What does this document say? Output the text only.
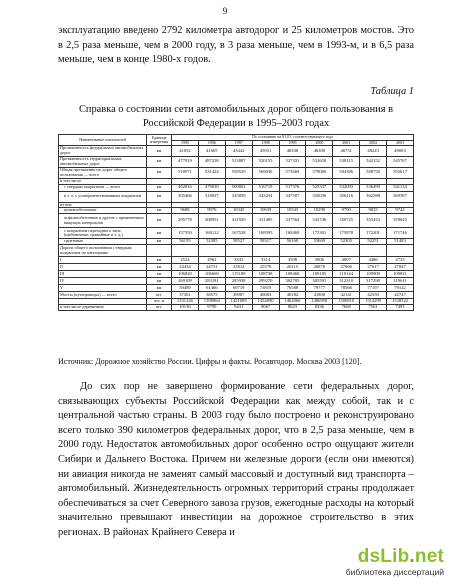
9

эксплуатацию введено 2792 километра автодорог и 25 километров мостов. Это в 2,5 раза меньше, чем в 2000 году, в 3 раза меньше, чем в 1993-м, и в 6,5 раза меньше, чем в конце 1980-х годов.

Таблица 1
Справка о состоянии сети автомобильных дорог общего пользования в Российской Федерации в 1995–2003 годах
Наименование показателей	Единица измерения	По состоянию на 01.01. соответствующего года								
		1995	1996	1997	1998	1999	2000	2001	2002	2003
Протяженность федеральных автомобильных дорог	км	41052	41605	45442	45931	46338	46300	46751	48223	49003
Протяженность территориальных автомобильных дорог	км	477919	487258	513087	520155	527331	532650	538115	542152	545767
Общая протяженность дорог общего пользования — всего	км	518971	531424	558529	569036	573669	579006	584396	588750	592617
в том числе										
с твердым покрытием — всего	км	462816	479039	500002	510719	517376	525337	532093	536499	541134
в т. ч. с усовершенствованным покрытием	км	305466	318927	325858	343234	347507	350036	356116	362588	369387
из них										
цементобетонные	км	9688	9976	10345	10639	10343	10290	9790	9835	9742
асфальтобетонные и другие с применением вяжущих материалов	км	295778	308951	321929	331485	337564	343746	350725	355453	359645
с покрытием переходного типа (щебеночные, гравийные и т. д.)	км	157350	160112	167528	168595	169469	175301	175878	172201	171746
грунтовые	км	56155	52385	58527	58317	56160	53669	52303	52251	51483
Дороги общего пользования с твердым покрытием по категориям:										
I	км	2524	2962	3343	3314	3508	3906	4007	4486	4733
II	км	24434	24731	25814	25578	26115	26878	27066	27617	27847
III	км	106820	106669	115188	108738	108460	109185	110144	109909	109821
IV	км	269109	283181	285938	299270	302705	305591	312310	317290	319611
V	км	59489	61466	69719	73819	76588	79777	78566	77197	79122
Мосты (путепроводы) — всего	шт.	37301	38575	39987	40603	40182	41800	42141	42350	42747
	пог. м	1331226	1398864	1421085	1454090	1462066	1496958	1500810	1514299	1538522
в том числе деревянные	шт.	10136	9799	9431	9067	8623	8336	7668	7561	7493
Источник: Дорожное хозяйство России. Цифры и факты. Росавтодор. Москва 2003 [120].

До сих пор не завершено формирование сети федеральных дорог, связывающих субъекты Российской Федерации как между собой, так и с центральной частью страны. В 2003 году было построено и реконструировано всего только 390 километров федеральных дорог, что в 2,5 раза меньше, чем в 2000 году. Недостаток автомобильных дорог особенно остро ощущают жители Сибири и Дальнего Востока. Причем ни железные дороги (если они имеются) ни авиация никогда не заменят самый массовый и доступный вид транспорта – автомобильный. Жизнедеятельность огромных территорий страны продолжает обеспечиваться за счет Северного завоза грузов, ежегодные расходы на который значительно превышают инвестиции на дорожное строительство в этих регионах. В районах Крайнего Севера и

dsLib.net
библиотека диссертаций
